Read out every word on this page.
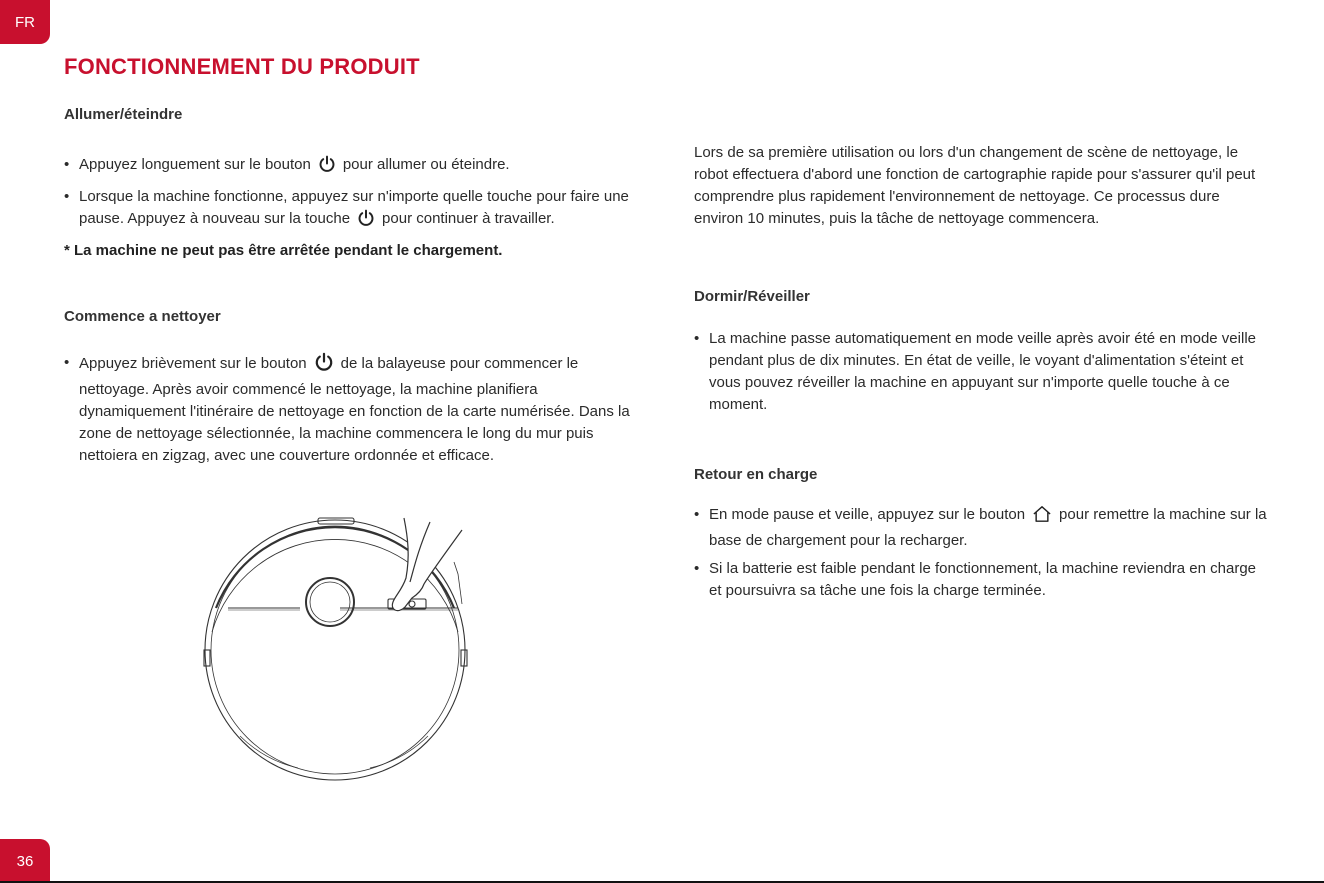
FR
FONCTIONNEMENT DU PRODUIT
Allumer/éteindre
• Appuyez longuement sur le bouton pour allumer ou éteindre.
• Lorsque la machine fonctionne, appuyez sur n'importe quelle touche pour faire une pause. Appuyez à nouveau sur la touche pour continuer à travailler.

* La machine ne peut pas être arrêtée pendant le chargement.

Commence a nettoyer
• Appuyez brièvement sur le bouton de la balayeuse pour commencer le nettoyage. Après avoir commencé le nettoyage, la machine planifiera dynamiquement l'itinéraire de nettoyage en fonction de la carte numérisée. Dans la zone de nettoyage sélectionnée, la machine commencera le long du mur puis nettoiera en zigzag, avec une couverture ordonnée et efficace.

Lors de sa première utilisation ou lors d'un changement de scène de nettoyage, le robot effectuera d'abord une fonction de cartographie rapide pour s'assurer qu'il peut comprendre plus rapidement l'environnement de nettoyage. Ce processus dure environ 10 minutes, puis la tâche de nettoyage commencera.

Dormir/Réveiller
• La machine passe automatiquement en mode veille après avoir été en mode veille pendant plus de dix minutes. En état de veille, le voyant d'alimentation s'éteint et vous pouvez réveiller la machine en appuyant sur n'importe quelle touche à ce moment.
Retour en charge
• En mode pause et veille, appuyez sur le bouton pour remettre la machine sur la base de chargement pour la recharger.
• Si la batterie est faible pendant le fonctionnement, la machine reviendra en charge et poursuivra sa tâche une fois la charge terminée.
36
